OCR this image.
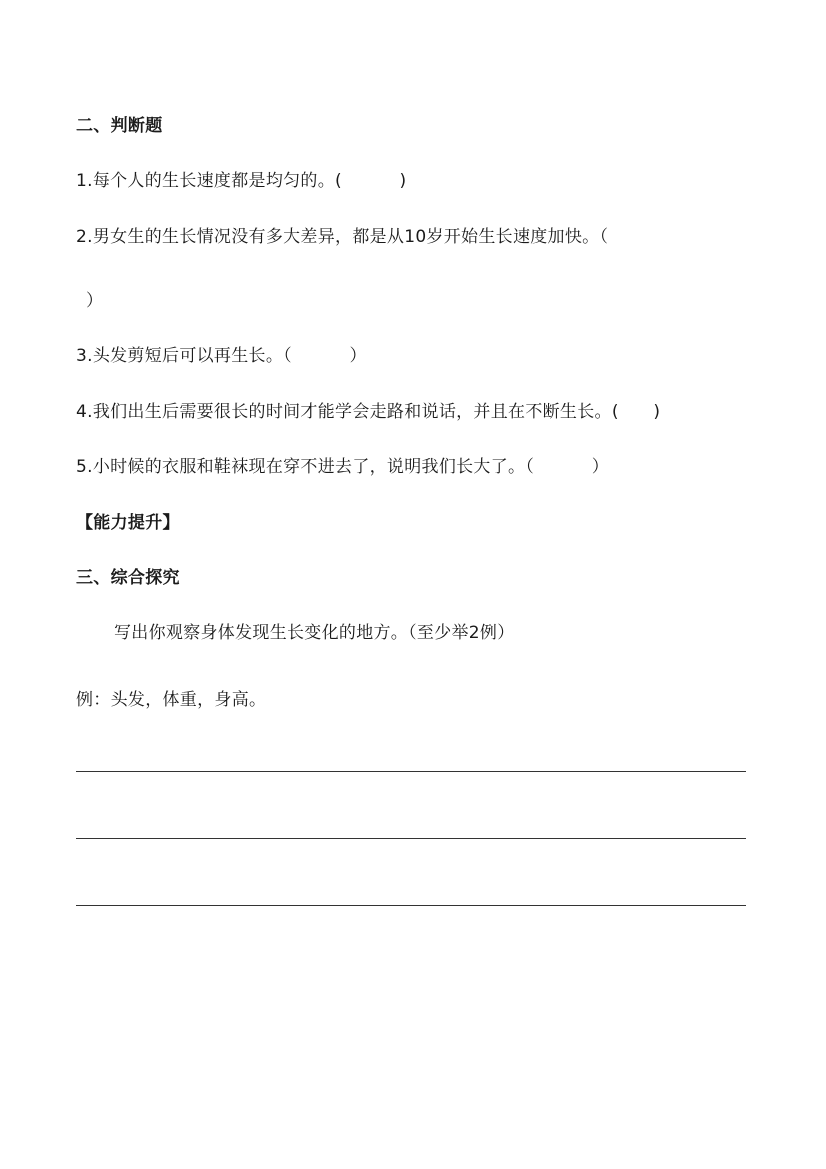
二、判断题
1.每个人的生长速度都是均匀的。(　　　 )
2.男女生的生长情况没有多大差异，都是从10岁开始生长速度加快。（
）
3.头发剪短后可以再生长。（　　　 ）
4.我们出生后需要很长的时间才能学会走路和说话，并且在不断生长。(　　)
5.小时候的衣服和鞋袜现在穿不进去了，说明我们长大了。（　　　 ）
【能力提升】
三、综合探究
写出你观察身体发现生长变化的地方。（至少举2例）
例：头发，体重，身高。
